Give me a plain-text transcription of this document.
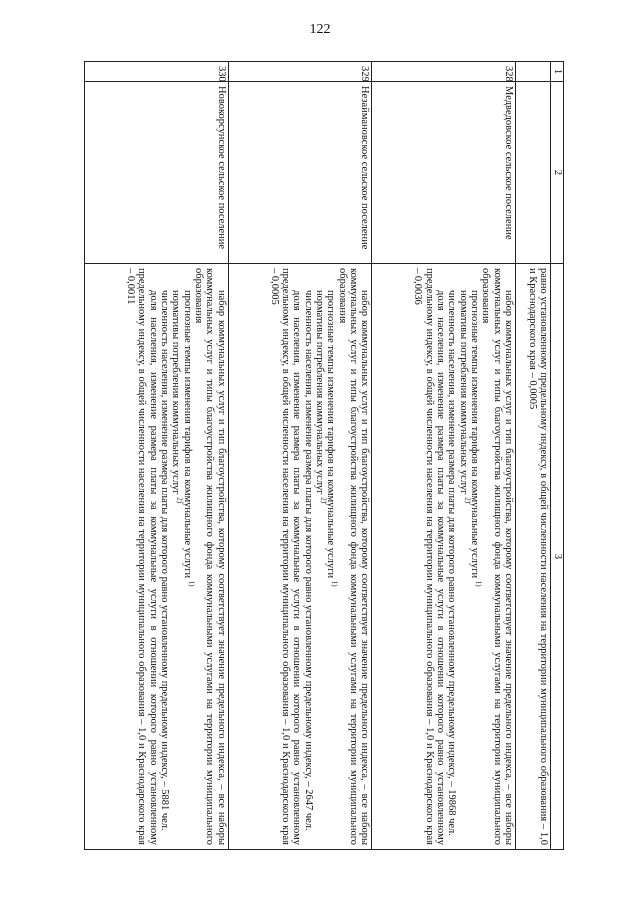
122
1	2	3

		равно установленному предельному индексу, в общей численности населения на территории муниципального образования – 1,0 и Краснодарского края – 0,0005

328	Медведовское сельское поселение	набор коммунальных услуг и тип благоустройства, которому соответствует значение предельного индекса, – все наборы коммунальных услуг и типы благоустройства жилищного фонда коммунальными услугами на территории муниципального образования

прогнозные темпы изменения тарифов на коммунальные услуги $^{1)}$

нормативы потребления коммунальных услуг $^{2)}$

численность населения, изменение размера платы для которого равно установленному предельному индексу, – 19868 чел.

доля населения, изменение размера платы за коммунальные услуги в отношении которого равно установленному предельному индексу, в общей численности населения на территории муниципального образования – 1,0 и Краснодарского края – 0,0036

329	Незаймановское сельское поселение	набор коммунальных услуг и тип благоустройства, которому соответствует значение предельного индекса, – все наборы коммунальных услуг и типы благоустройства жилищного фонда коммунальными услугами на территории муниципального образования

прогнозные темпы изменения тарифов на коммунальные услуги $^{1)}$

нормативы потребления коммунальных услуг $^{2)}$

численность населения, изменение размера платы для которого равно установленному предельному индексу, – 2647 чел.

доля населения, изменение размера платы за коммунальные услуги в отношении которого равно установленному предельному индексу, в общей численности населения на территории муниципального образования – 1,0 и Краснодарского края – 0,0005

330	Новокорсунское сельское поселение	набор коммунальных услуг и тип благоустройства, которому соответствует значение предельного индекса, – все наборы коммунальных услуг и типы благоустройства жилищного фонда коммунальными услугами на территории муниципального образования

прогнозные темпы изменения тарифов на коммунальные услуги $^{1)}$

нормативы потребления коммунальных услуг $^{2)}$

численность населения, изменение размера платы для которого равно установленному предельному индексу, – 5881 чел.

доля населения, изменение размера платы за коммунальные услуги в отношении которого равно установленному предельному индексу, в общей численности населения на территории муниципального образования – 1,0 и Краснодарского края – 0,0011
